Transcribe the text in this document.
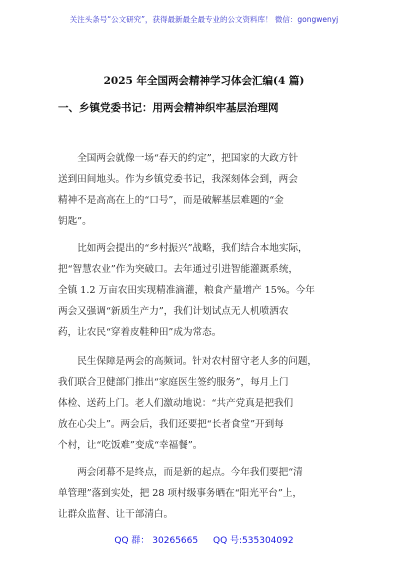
关注头条号“公文研究”，获得最新最全最专业的公文资料库！ 微信：gongwenyj
2025 年全国两会精神学习体会汇编(4 篇)
一、乡镇党委书记：用两会精神织牢基层治理网
全国两会就像一场“春天的约定”，把国家的大政方针
送到田间地头。作为乡镇党委书记，我深刻体会到，两会
精神不是高高在上的“口号”，而是破解基层难题的“金
钥匙”。
比如两会提出的“乡村振兴”战略，我们结合本地实际，
把“智慧农业”作为突破口。去年通过引进智能灌溉系统，
全镇 1.2 万亩农田实现精准滴灌，粮食产量增产 15%。今年
两会又强调“新质生产力”，我们计划试点无人机喷洒农
药，让农民“穿着皮鞋种田”成为常态。
民生保障是两会的高频词。针对农村留守老人多的问题，
我们联合卫健部门推出“家庭医生签约服务”，每月上门
体检、送药上门。老人们激动地说：“共产党真是把我们
放在心尖上”。两会后，我们还要把“长者食堂”开到每
个村，让“吃饭难”变成“幸福餐”。
两会闭幕不是终点，而是新的起点。今年我们要把“清
单管理”落到实处，把 28 项村级事务晒在“阳光平台”上，
让群众监督、让干部清白。
QQ 群： 30265665 QQ 号:535304092
